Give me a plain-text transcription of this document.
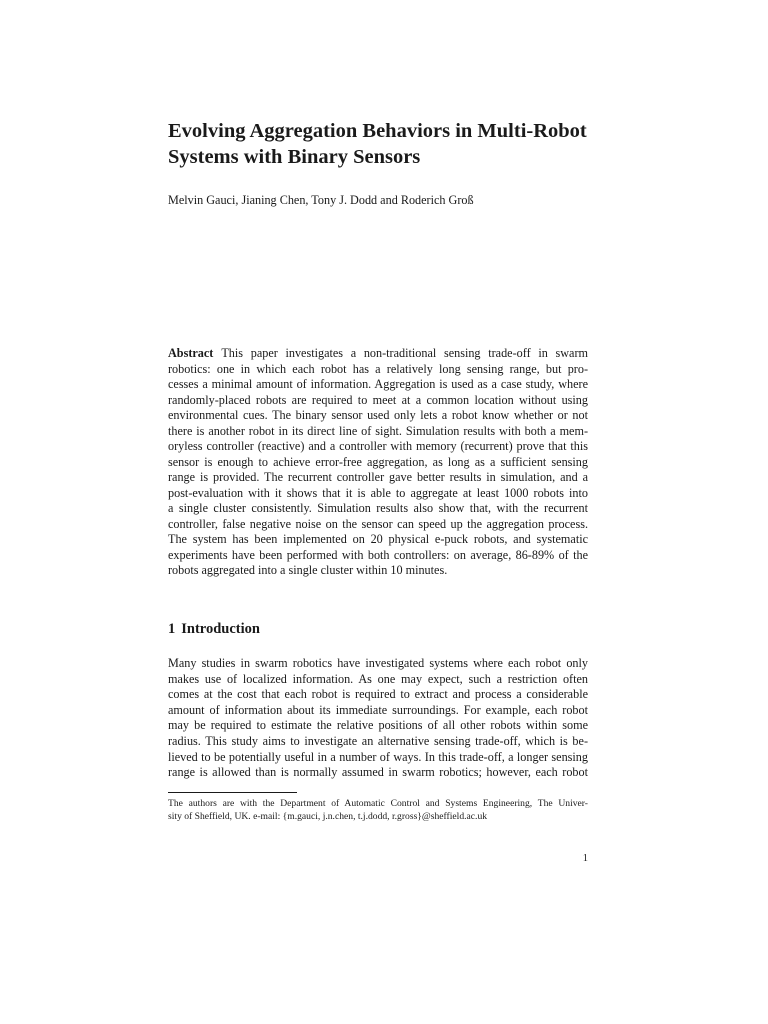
Evolving Aggregation Behaviors in Multi-Robot
Systems with Binary Sensors
Melvin Gauci, Jianing Chen, Tony J. Dodd and Roderich Groß

Abstract This paper investigates a non-traditional sensing trade-off in swarm
robotics: one in which each robot has a relatively long sensing range, but pro-
cesses a minimal amount of information. Aggregation is used as a case study, where
randomly-placed robots are required to meet at a common location without using
environmental cues. The binary sensor used only lets a robot know whether or not
there is another robot in its direct line of sight. Simulation results with both a mem-
oryless controller (reactive) and a controller with memory (recurrent) prove that this
sensor is enough to achieve error-free aggregation, as long as a sufficient sensing
range is provided. The recurrent controller gave better results in simulation, and a
post-evaluation with it shows that it is able to aggregate at least 1000 robots into
a single cluster consistently. Simulation results also show that, with the recurrent
controller, false negative noise on the sensor can speed up the aggregation process.
The system has been implemented on 20 physical e-puck robots, and systematic
experiments have been performed with both controllers: on average, 86-89% of the
robots aggregated into a single cluster within 10 minutes.

1 Introduction

Many studies in swarm robotics have investigated systems where each robot only
makes use of localized information. As one may expect, such a restriction often
comes at the cost that each robot is required to extract and process a considerable
amount of information about its immediate surroundings. For example, each robot
may be required to estimate the relative positions of all other robots within some
radius. This study aims to investigate an alternative sensing trade-off, which is be-
lieved to be potentially useful in a number of ways. In this trade-off, a longer sensing
range is allowed than is normally assumed in swarm robotics; however, each robot

The authors are with the Department of Automatic Control and Systems Engineering, The Univer-
sity of Sheffield, UK. e-mail: {m.gauci, j.n.chen, t.j.dodd, r.gross}@sheffield.ac.uk

1
